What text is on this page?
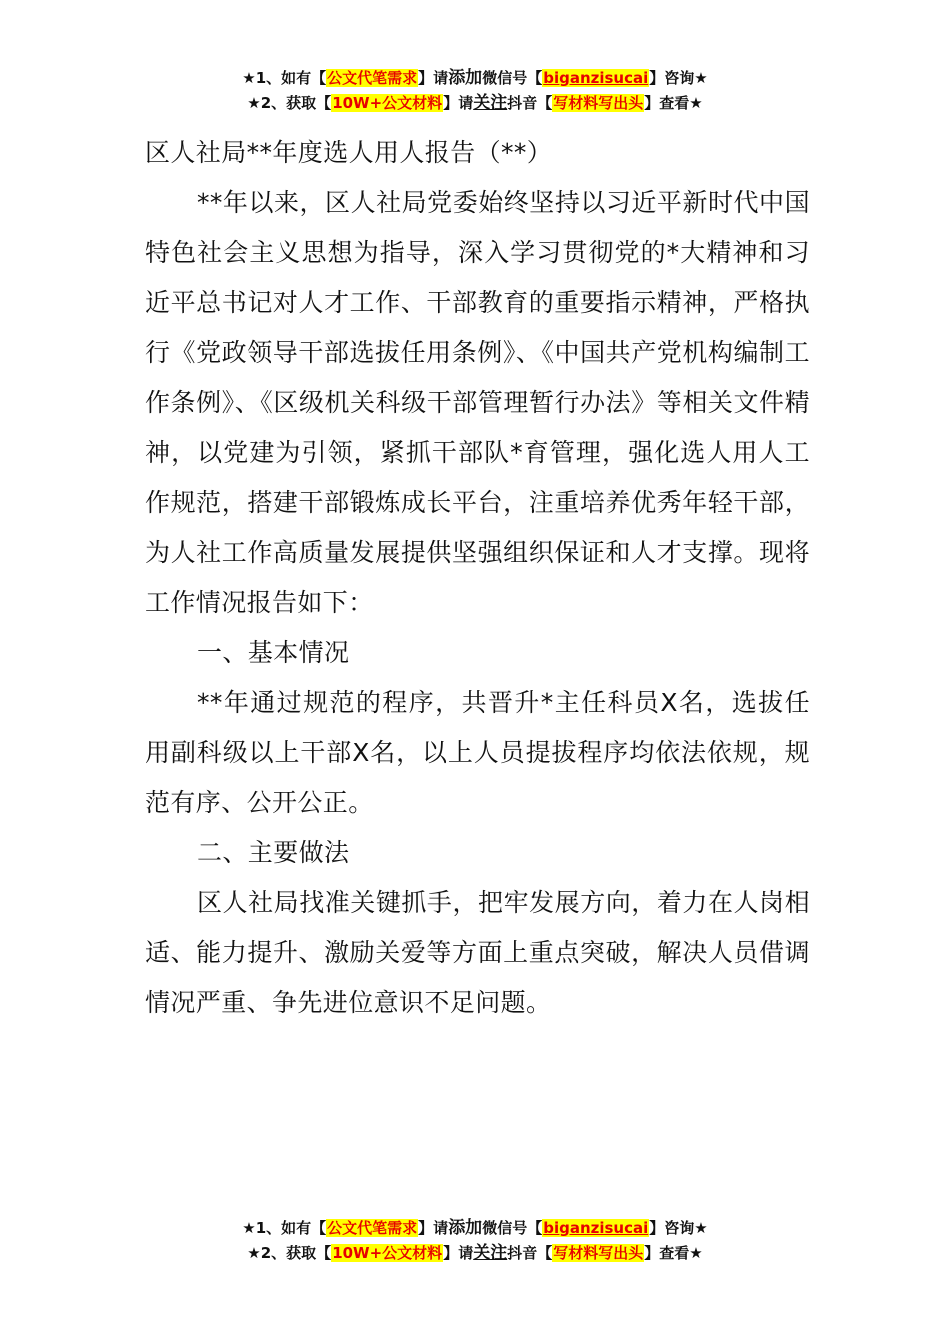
★1、如有【公文代笔需求】请添加微信号【biganzisucai】咨询★
★2、获取【10W+公文材料】请关注抖音【写材料写出头】查看★

区人社局**年度选人用人报告（**）

**年以来，区人社局党委始终坚持以习近平新时代中国特色社会主义思想为指导，深入学习贯彻党的*大精神和习近平总书记对人才工作、干部教育的重要指示精神，严格执行《党政领导干部选拔任用条例》、《中国共产党机构编制工作条例》、《区级机关科级干部管理暂行办法》等相关文件精神，以党建为引领，紧抓干部队*育管理，强化选人用人工作规范，搭建干部锻炼成长平台，注重培养优秀年轻干部，为人社工作高质量发展提供坚强组织保证和人才支撑。现将工作情况报告如下：

一、基本情况

**年通过规范的程序，共晋升*主任科员X名，选拔任用副科级以上干部X名，以上人员提拔程序均依法依规，规范有序、公开公正。

二、主要做法

区人社局找准关键抓手，把牢发展方向，着力在人岗相适、能力提升、激励关爱等方面上重点突破，解决人员借调情况严重、争先进位意识不足问题。

★1、如有【公文代笔需求】请添加微信号【biganzisucai】咨询★
★2、获取【10W+公文材料】请关注抖音【写材料写出头】查看★
